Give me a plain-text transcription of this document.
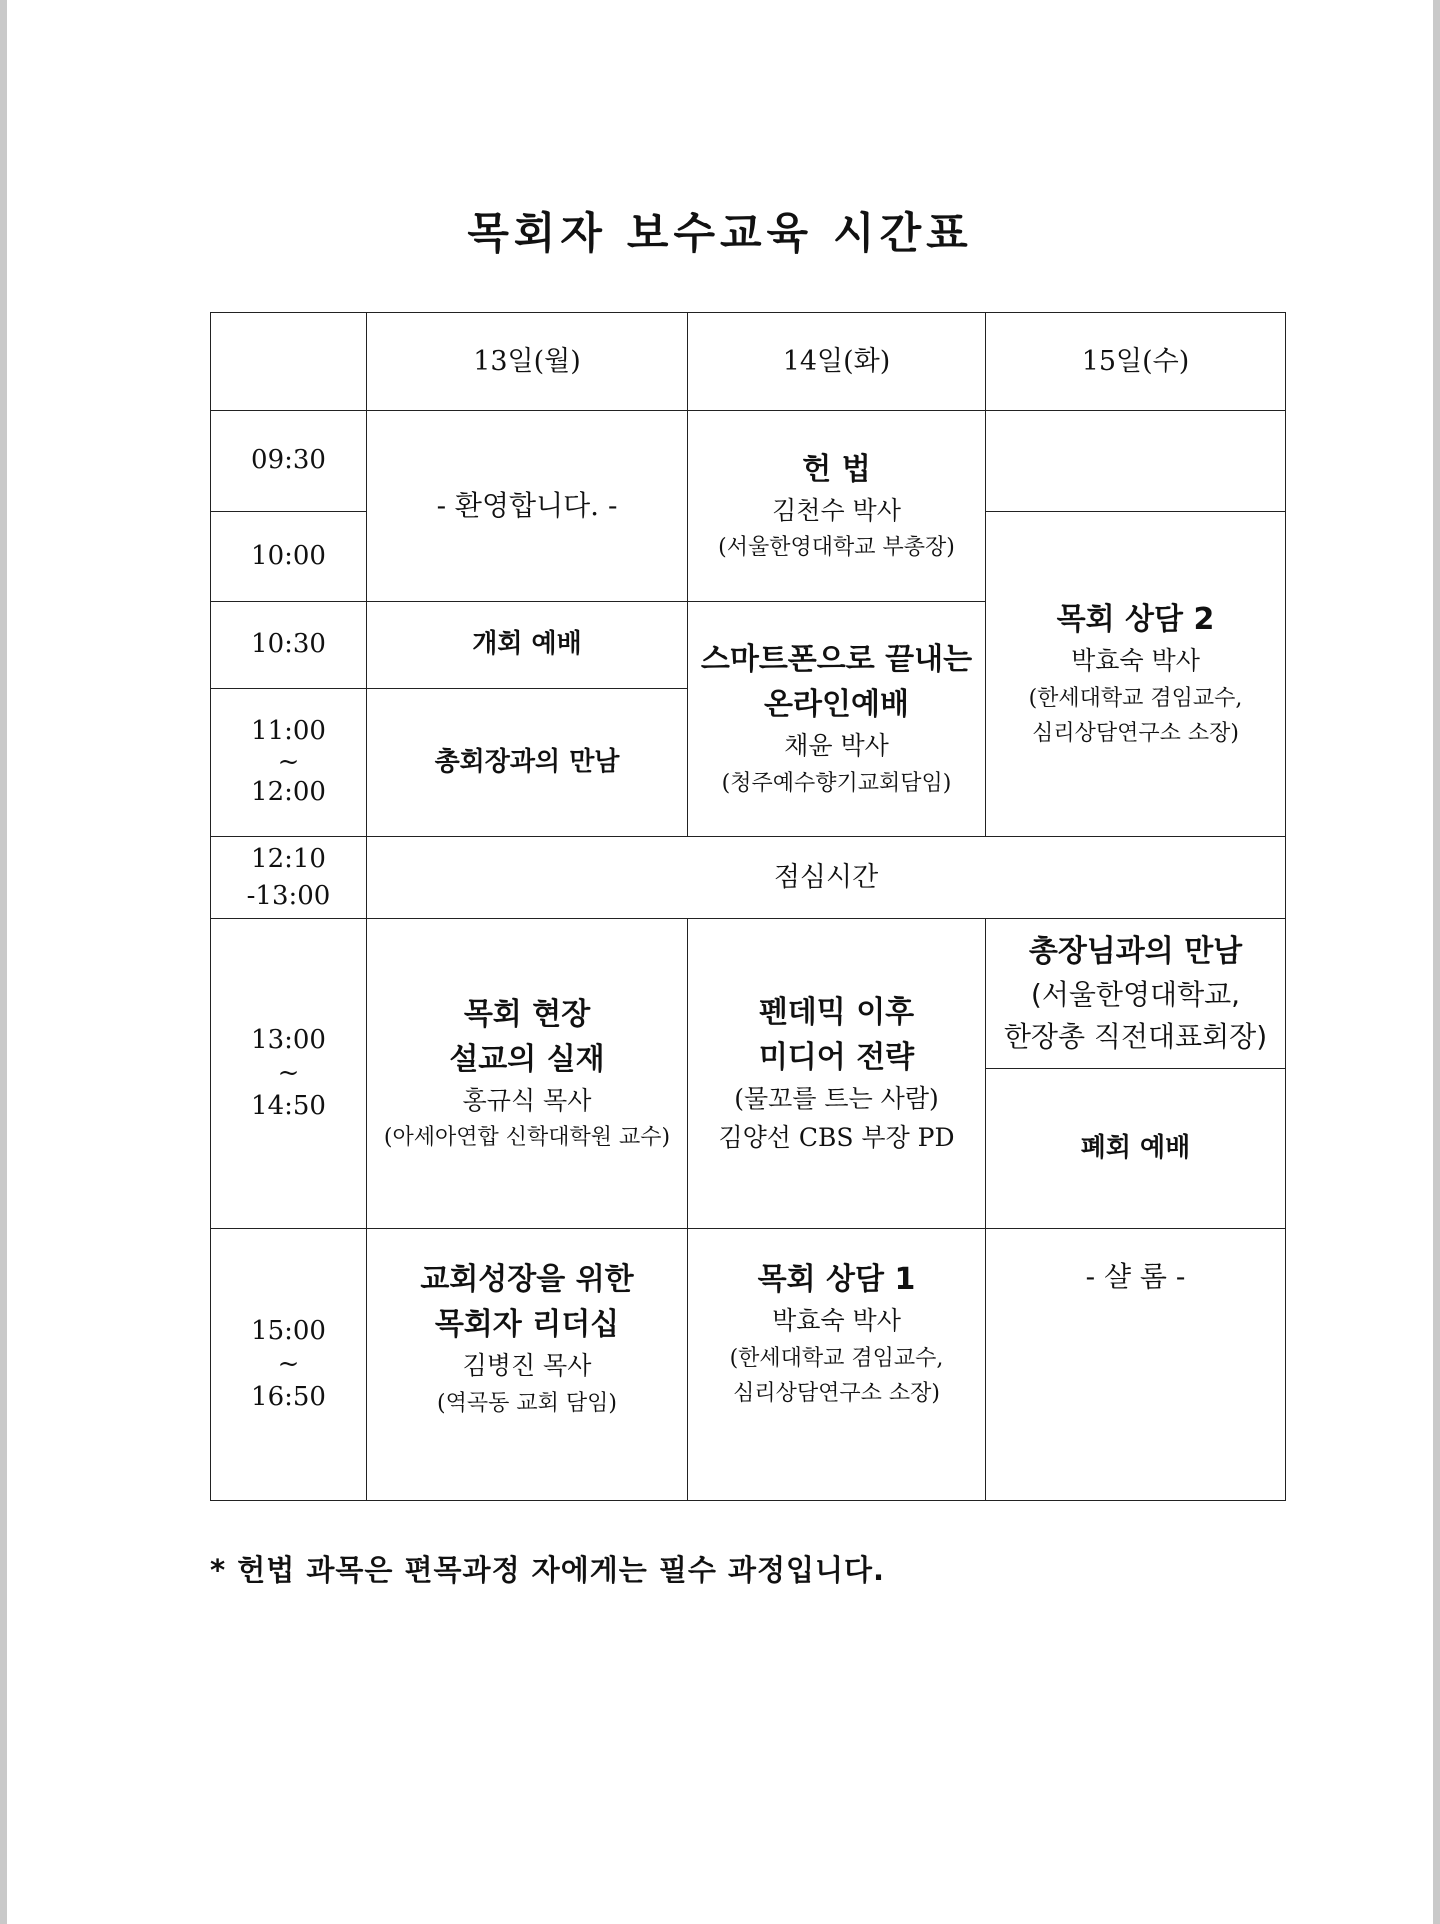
목회자 보수교육 시간표
	13일(월)	14일(화)	15일(수)
09:30	- 환영합니다. -	헌 법
김천수 박사
(서울한영대학교 부총장)	

10:00			목회 상담 2
박효숙 박사
(한세대학교 겸임교수,
심리상담연구소 소장)

10:30	개회 예배	스마트폰으로 끝내는
온라인예배
채윤 박사
(청주예수향기교회담임)	

11:00
~
12:00	총회장과의 만남		

12:10
-13:00	점심시간		

13:00
~
14:50	목회 현장
설교의 실재
홍규식 목사
(아세아연합 신학대학원 교수)	펜데믹 이후
미디어 전략
(물꼬를 트는 사람)
김양선 CBS 부장 PD	총장님과의 만남
(서울한영대학교,
한장총 직전대표회장)

			폐회 예배

15:00
~
16:50	교회성장을 위한
목회자 리더십
김병진 목사
(역곡동 교회 담임)	목회 상담 1
박효숙 박사
(한세대학교 겸임교수,
심리상담연구소 소장)	- 샬 롬 -
* 헌법 과목은 편목과정 자에게는 필수 과정입니다.
